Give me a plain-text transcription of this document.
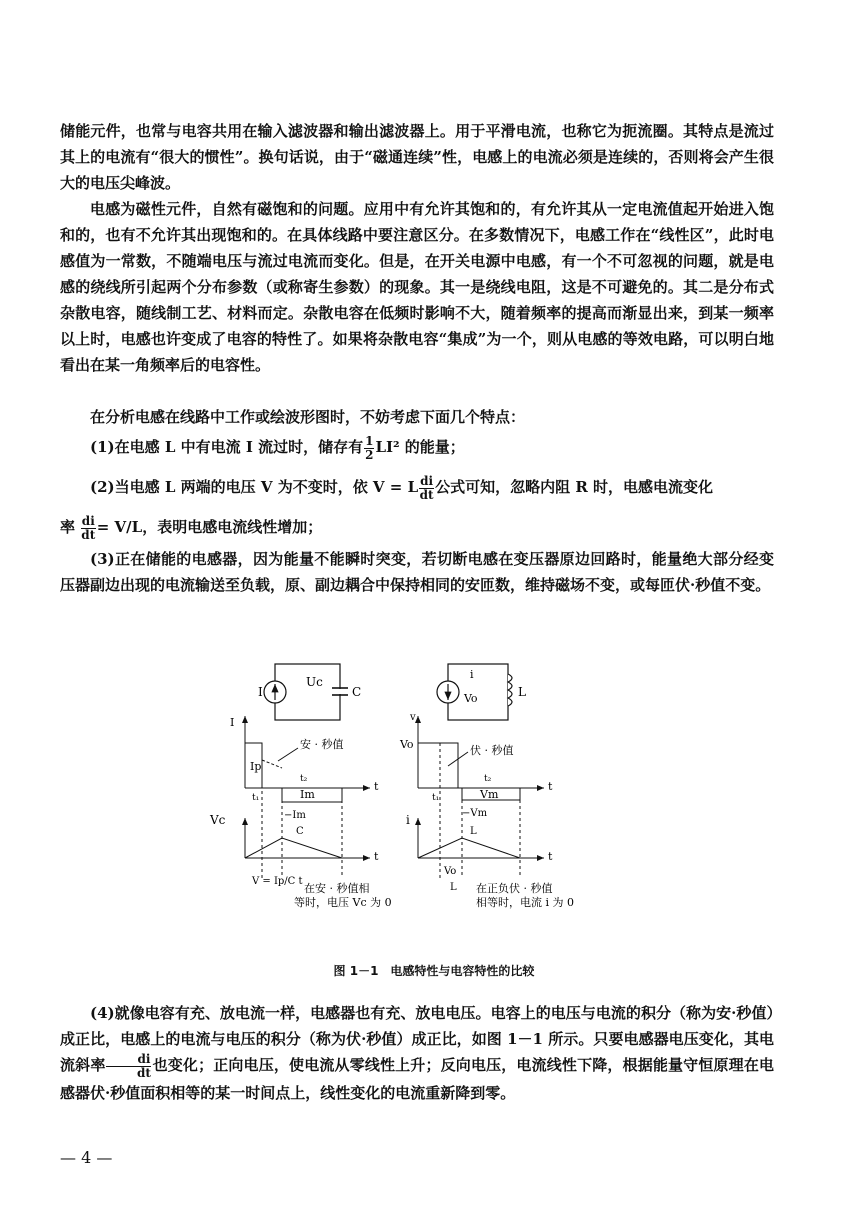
储能元件，也常与电容共用在输入滤波器和输出滤波器上。用于平滑电流，也称它为扼流圈。其特点是流过其上的电流有“很大的惯性”。换句话说，由于“磁通连续”性，电感上的电流必须是连续的，否则将会产生很大的电压尖峰波。
电感为磁性元件，自然有磁饱和的问题。应用中有允许其饱和的，有允许其从一定电流值起开始进入饱和的，也有不允许其出现饱和的。在具体线路中要注意区分。在多数情况下，电感工作在“线性区”，此时电感值为一常数，不随端电压与流过电流而变化。但是，在开关电源中电感，有一个不可忽视的问题，就是电感的绕线所引起两个分布参数（或称寄生参数）的现象。其一是绕线电阻，这是不可避免的。其二是分布式杂散电容，随线制工艺、材料而定。杂散电容在低频时影响不大，随着频率的提高而渐显出来，到某一频率以上时，电感也许变成了电容的特性了。如果将杂散电容“集成”为一个，则从电感的等效电路，可以明白地看出在某一角频率后的电容性。
在分析电感在线路中工作或绘波形图时，不妨考虑下面几个特点：
(1)在电感 L 中有电流 I 流过时，储存有 $\frac{1}{2} LI^2$ 的能量；
(2)当电感 L 两端的电压 V 为不变时，依 V = L $\frac{di}{dt}$ 公式可知，忽略内阻 R 时，电感电流变化
率 $\frac{di}{dt} = V/L$，表明电感电流线性增加；
(3)正在储能的电感器，因为能量不能瞬时突变，若切断电感在变压器原边回路时，能量绝大部分经变压器副边出现的电流输送至负载，原、副边耦合中保持相同的安匝数，维持磁场不变，或每匝伏·秒值不变。
I
Uc
C
I
Ip
安 · 秒值
t₁
t₂
Im
t
Vc	−Im
C
t
V = Ip/C t
在安 · 秒值相
等时，电压 Vc 为 0
i
Vo	L
v
Vo	伏 · 秒值
t₁
t₂
Vm
t
i	−Vm
L
t
Vo
L 在正负伏 · 秒值
相等时，电流 i 为 0
图 1－1　电感特性与电容特性的比较
(4)就像电容有充、放电流一样，电感器也有充、放电电压。电容上的电压与电流的积分（称为安·秒值）成正比，电感上的电流与电压的积分（称为伏·秒值）成正比，如图 1－1 所示。只要电感器电压变化，其电流斜率 $\frac{di}{dt}$ 也变化；正向电压，使电流从零线性上升；反向电压，电流线性下降，根据能量守恒原理在电感器伏·秒值面积相等的某一时间点上，线性变化的电流重新降到零。
— 4 —
